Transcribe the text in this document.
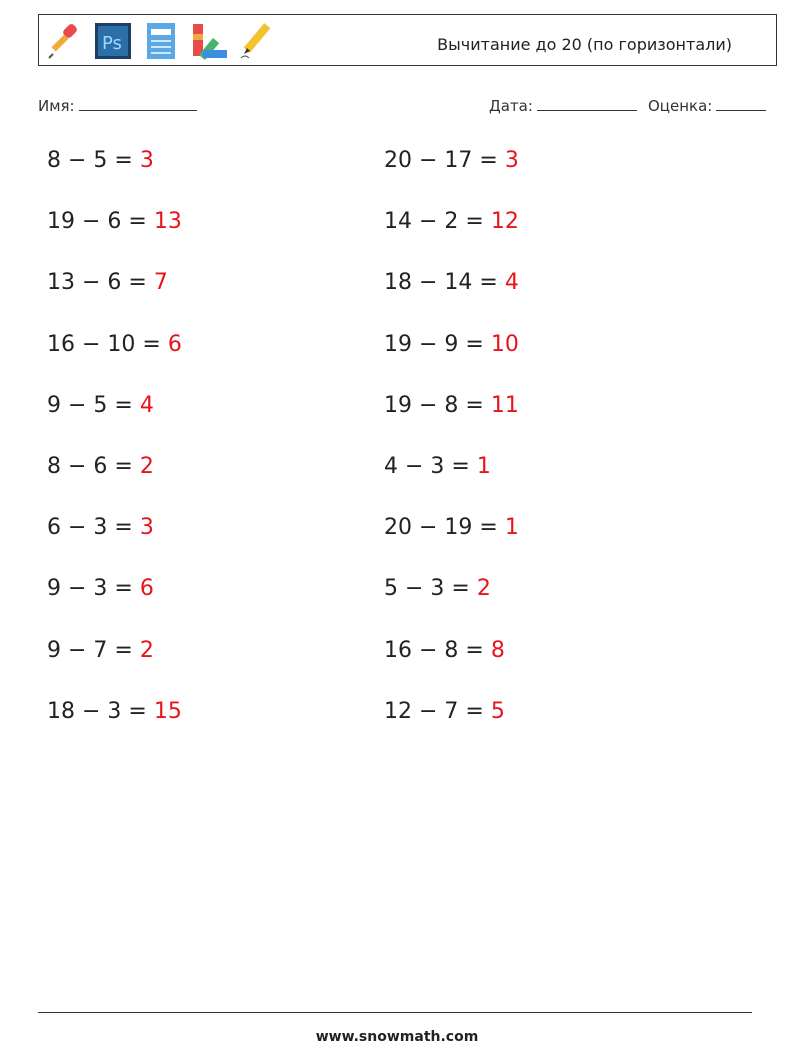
Ps	Вычитание до 20 (по горизонтали)
Имя:	Дата:	Оценка:
8 − 5 = 3
19 − 6 = 13
13 − 6 = 7
16 − 10 = 6
9 − 5 = 4
8 − 6 = 2
6 − 3 = 3
9 − 3 = 6
9 − 7 = 2
18 − 3 = 15
20 − 17 = 3
14 − 2 = 12
18 − 14 = 4
19 − 9 = 10
19 − 8 = 11
4 − 3 = 1
20 − 19 = 1
5 − 3 = 2
16 − 8 = 8
12 − 7 = 5
www.snowmath.com
